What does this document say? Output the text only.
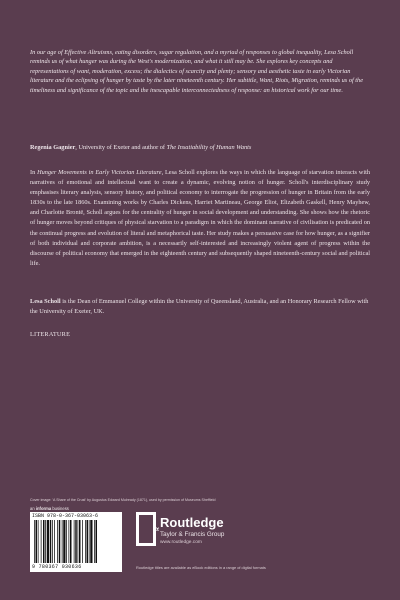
In our age of Effective Altruisms, eating disorders, sugar regulation, and a myriad of responses to global inequality, Lesa Scholl reminds us of what hunger was during the West's modernization, and what it still may be. She explores key concepts and representations of want, moderation, excess; the dialectics of scarcity and plenty; sensory and aesthetic taste in early Victorian literature and the eclipsing of hunger by taste by the later nineteenth century. Her subtitle, Want, Riots, Migration, reminds us of the timeliness and significance of the topic and the inescapable interconnectedness of response: an historical work for our time.
Regenia Gagnier, University of Exeter and author of The Insatiability of Human Wants
In Hunger Movements in Early Victorian Literature, Lesa Scholl explores the ways in which the language of starvation interacts with narratives of emotional and intellectual want to create a dynamic, evolving notion of hunger. Scholl's interdisciplinary study emphasises literary analysis, sensory history, and political economy to interrogate the progression of hunger in Britain from the early 1830s to the late 1860s. Examining works by Charles Dickens, Harriet Martineau, George Eliot, Elizabeth Gaskell, Henry Mayhew, and Charlotte Brontë, Scholl argues for the centrality of hunger in social development and understanding. She shows how the rhetoric of hunger moves beyond critiques of physical starvation to a paradigm in which the dominant narrative of civilisation is predicated on the continual progress and evolution of literal and metaphorical taste. Her study makes a persuasive case for how hunger, as a signifier of both individual and corporate ambition, is a necessarily self-interested and increasingly violent agent of progress within the discourse of political economy that emerged in the eighteenth century and subsequently shaped nineteenth-century social and political life.
Lesa Scholl is the Dean of Emmanuel College within the University of Queensland, Australia, and an Honorary Research Fellow with the University of Exeter, UK.
LITERATURE
Cover image: 'A Share of the Crust' by Augustus Edward Mulready (1871), used by permission of Museums Sheffield
an informa business
ISBN 978-0-367-03063-6
9 780367 030636
R Routledge
Taylor & Francis Group
www.routledge.com
Routledge titles are available as eBook editions in a range of digital formats
